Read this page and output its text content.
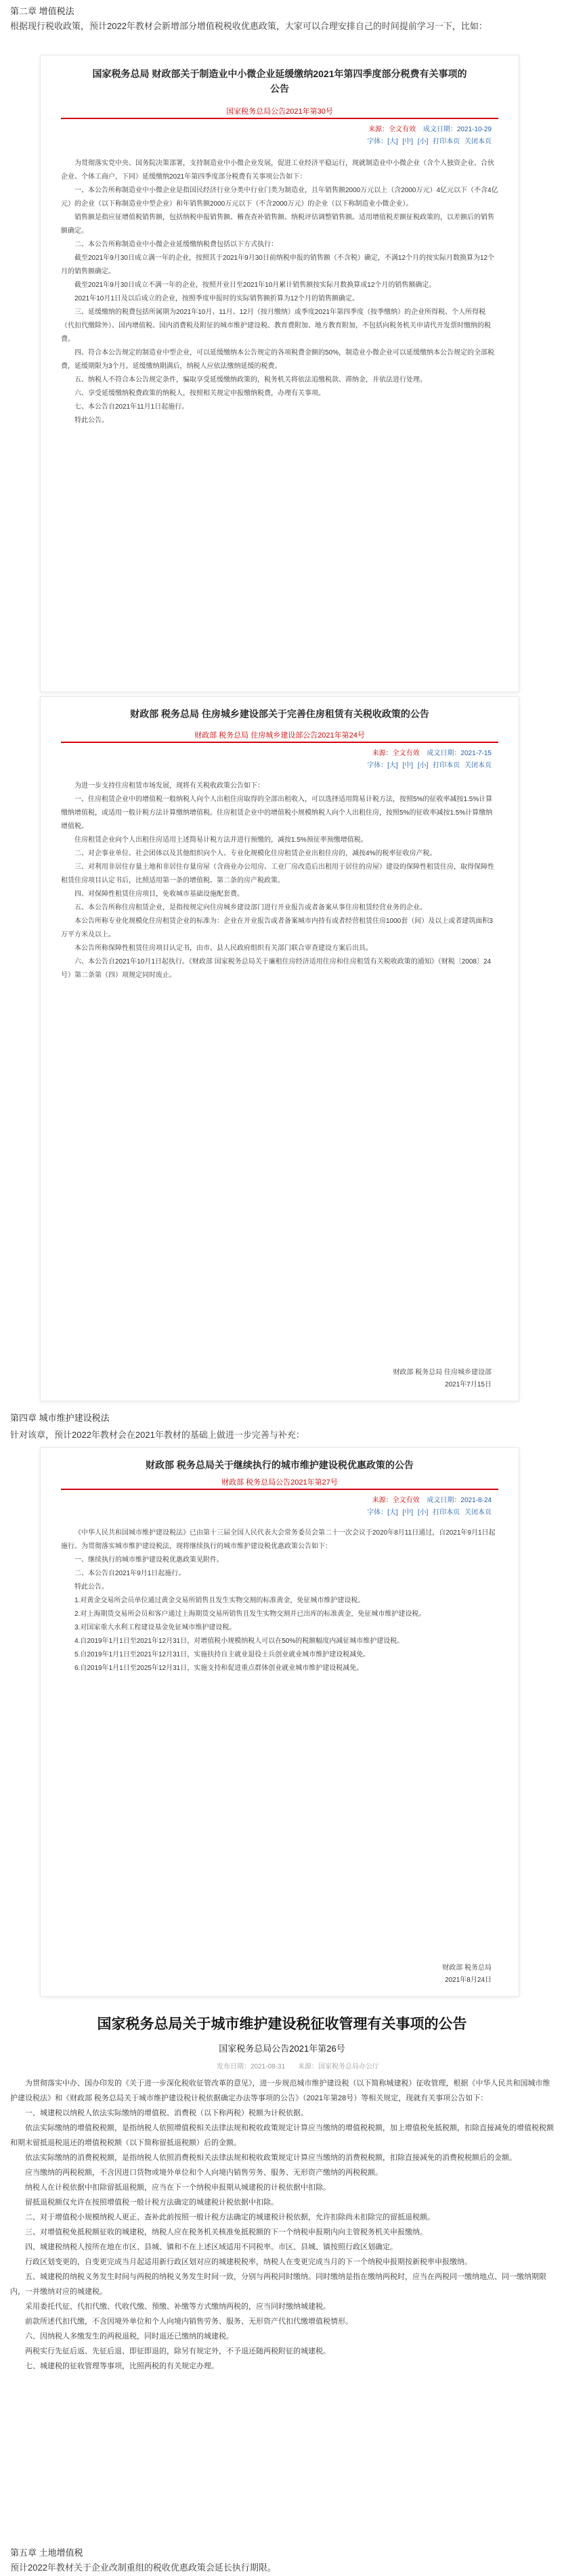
第二章 增值税法
根据现行税收政策，预计2022年教材会新增部分增值税税收优惠政策，大家可以合理安排自己的时间提前学习一下，比如：
国家税务总局 财政部关于制造业中小微企业延缓缴纳2021年第四季度部分税费有关事项的公告
国家税务总局公告2021年第30号
来源：全文有效 成文日期：2021-10-29
字体：[大] [中] [小] 打印本页 关闭本页

为贯彻落实党中央、国务院决策部署，支持制造业中小微企业发展，促进工业经济平稳运行，现就制造业中小微企业（含个人独资企业、合伙企业、个体工商户，下同）延缓缴纳2021年第四季度部分税费有关事项公告如下：

一、本公告所称制造业中小微企业是指国民经济行业分类中行业门类为制造业，且年销售额2000万元以上（含2000万元）4亿元以下（不含4亿元）的企业（以下称制造业中型企业）和年销售额2000万元以下（不含2000万元）的企业（以下称制造业小微企业）。

销售额是指应征增值税销售额，包括纳税申报销售额、稽查查补销售额、纳税评估调整销售额。适用增值税差额征税政策的，以差额后的销售额确定。

二、本公告所称制造业中小微企业延缓缴纳税费包括以下方式执行：

截至2021年9月30日成立满一年的企业，按照其于2021年9月30日前纳税申报的销售额（不含税）确定，不满12个月的按实际月数换算为12个月的销售额确定。

截至2021年9月30日成立不满一年的企业，按照开业日至2021年10月累计销售额按实际月数换算成12个月的销售额确定。

2021年10月1日及以后成立的企业，按照季度申报时的实际销售额折算为12个月的销售额确定。

三、延缓缴纳的税费包括所属期为2021年10月、11月、12月（按月缴纳）或季度2021年第四季度（按季缴纳）的企业所得税、个人所得税（代扣代缴除外）、国内增值税、国内消费税及附征的城市维护建设税、教育费附加、地方教育附加，不包括向税务机关申请代开发票时缴纳的税费。

四、符合本公告规定的制造业中型企业，可以延缓缴纳本公告规定的各项税费金额的50%，制造业小微企业可以延缓缴纳本公告规定的全部税费，延缓期限为3个月。延缓缴纳期满后，纳税人应依法缴纳延缓的税费。

五、纳税人不符合本公告规定条件，骗取享受延缓缴纳政策的，税务机关将依法追缴税款、滞纳金，并依法进行处理。

六、享受延缓缴纳税费政策的纳税人，按照相关规定申报缴纳税费，办理有关事项。

七、本公告自2021年11月1日起施行。

特此公告。

财政部 税务总局 住房城乡建设部关于完善住房租赁有关税收政策的公告
财政部 税务总局 住房城乡建设部公告2021年第24号
来源：全文有效 成文日期：2021-7-15
字体：[大] [中] [小] 打印本页 关闭本页

为进一步支持住房租赁市场发展，现将有关税收政策公告如下：

一、住房租赁企业中的增值税一般纳税人向个人出租住房取得的全部出租收入，可以选择适用简易计税方法，按照5%的征收率减按1.5%计算缴纳增值税，或适用一般计税方法计算缴纳增值税。住房租赁企业中的增值税小规模纳税人向个人出租住房，按照5%的征收率减按1.5%计算缴纳增值税。

住房租赁企业向个人出租住房适用上述简易计税方法并进行预缴的，减按1.5%预征率预缴增值税。

二、对企事业单位、社会团体以及其他组织向个人、专业化规模化住房租赁企业出租住房的，减按4%的税率征收房产税。

三、对利用非居住存量土地和非居住存量房屋（含商业办公用房、工业厂房改造后出租用于居住的房屋）建设的保障性租赁住房，取得保障性租赁住房项目认定书后，比照适用第一条的增值税、第二条的房产税政策。

四、对保障性租赁住房项目，免收城市基础设施配套费。

五、本公告所称住房租赁企业，是指按规定向住房城乡建设部门进行开业报告或者备案从事住房租赁经营业务的企业。

本公告所称专业化规模化住房租赁企业的标准为：企业在开业报告或者备案城市内持有或者经营租赁住房1000套（间）及以上或者建筑面积3万平方米及以上。

本公告所称保障性租赁住房项目认定书，由市、县人民政府组织有关部门联合审查建设方案后出具。

六、本公告自2021年10月1日起执行。《财政部 国家税务总局关于廉租住房经济适用住房和住房租赁有关税收政策的通知》（财税〔2008〕24号）第二条第（四）项规定同时废止。

财政部 税务总局 住房城乡建设部
2021年7月15日
第四章 城市维护建设税法
针对该章，预计2022年教材会在2021年教材的基础上做进一步完善与补充：
财政部 税务总局关于继续执行的城市维护建设税优惠政策的公告
财政部 税务总局公告2021年第27号
来源：全文有效 成文日期：2021-8-24
字体：[大] [中] [小] 打印本页 关闭本页

《中华人民共和国城市维护建设税法》已由第十三届全国人民代表大会常务委员会第二十一次会议于2020年8月11日通过，自2021年9月1日起施行。为贯彻落实城市维护建设税法，现将继续执行的城市维护建设税优惠政策公告如下：

一、继续执行的城市维护建设税优惠政策见附件。

二、本公告自2021年9月1日起施行。

特此公告。

1.对黄金交易所会员单位通过黄金交易所销售且发生实物交割的标准黄金，免征城市维护建设税。

2.对上海期货交易所会员和客户通过上海期货交易所销售且发生实物交割并已出库的标准黄金，免征城市维护建设税。

3.对国家重大水利工程建设基金免征城市维护建设税。

4.自2019年1月1日至2021年12月31日，对增值税小规模纳税人可以在50%的税额幅度内减征城市维护建设税。

5.自2019年1月1日至2021年12月31日，实施扶持自主就业退役士兵创业就业城市维护建设税减免。

6.自2019年1月1日至2025年12月31日，实施支持和促进重点群体创业就业城市维护建设税减免。

财政部 税务总局
2021年8月24日
国家税务总局关于城市维护建设税征收管理有关事项的公告
国家税务总局公告2021年第26号
发布日期：2021-08-31 来源：国家税务总局办公厅

为贯彻落实中办、国办印发的《关于进一步深化税收征管改革的意见》，进一步规范城市维护建设税（以下简称城建税）征收管理，根据《中华人民共和国城市维护建设税法》和《财政部 税务总局关于城市维护建设税计税依据确定办法等事项的公告》（2021年第28号）等相关规定，现就有关事项公告如下：

一、城建税以纳税人依法实际缴纳的增值税、消费税（以下称两税）税额为计税依据。

依法实际缴纳的增值税税额，是指纳税人依照增值税相关法律法规和税收政策规定计算应当缴纳的增值税税额，加上增值税免抵税额，扣除直接减免的增值税税额和期末留抵退税退还的增值税税额（以下简称留抵退税额）后的金额。

依法实际缴纳的消费税税额，是指纳税人依照消费税相关法律法规和税收政策规定计算应当缴纳的消费税税额，扣除直接减免的消费税税额后的金额。

应当缴纳的两税税额，不含因进口货物或境外单位和个人向境内销售劳务、服务、无形资产缴纳的两税税额。

纳税人在计税依据中扣除留抵退税额，应当在下一个纳税申报期从城建税的计税依据中扣除。

留抵退税额仅允许在按照增值税一般计税方法确定的城建税计税依据中扣除。

二、对于增值税小规模纳税人更正、查补此前按照一般计税方法确定的城建税计税依据，允许扣除尚未扣除完的留抵退税额。

三、对增值税免抵税额征收的城建税，纳税人应在税务机关核准免抵税额的下一个纳税申报期内向主管税务机关申报缴纳。

四、城建税纳税人按所在地在市区、县城、镇和不在上述区域适用不同税率。市区、县城、镇按照行政区划确定。

行政区划变更的，自变更完成当月起适用新行政区划对应的城建税税率，纳税人在变更完成当月的下一个纳税申报期按新税率申报缴纳。

五、城建税的纳税义务发生时间与两税的纳税义务发生时间一致，分别与两税同时缴纳。同时缴纳是指在缴纳两税时，应当在两税同一缴纳地点、同一缴纳期限内，一并缴纳对应的城建税。

采用委托代征、代扣代缴、代收代缴、预缴、补缴等方式缴纳两税的，应当同时缴纳城建税。

前款所述代扣代缴，不含因境外单位和个人向境内销售劳务、服务、无形资产代扣代缴增值税情形。

六、因纳税人多缴发生的两税退税，同时退还已缴纳的城建税。

两税实行先征后返、先征后退、即征即退的，除另有规定外，不予退还随两税附征的城建税。

七、城建税的征收管理等事项，比照两税的有关规定办理。

第五章 土地增值税
预计2022年教材关于企业改制重组的税收优惠政策会延长执行期限。
